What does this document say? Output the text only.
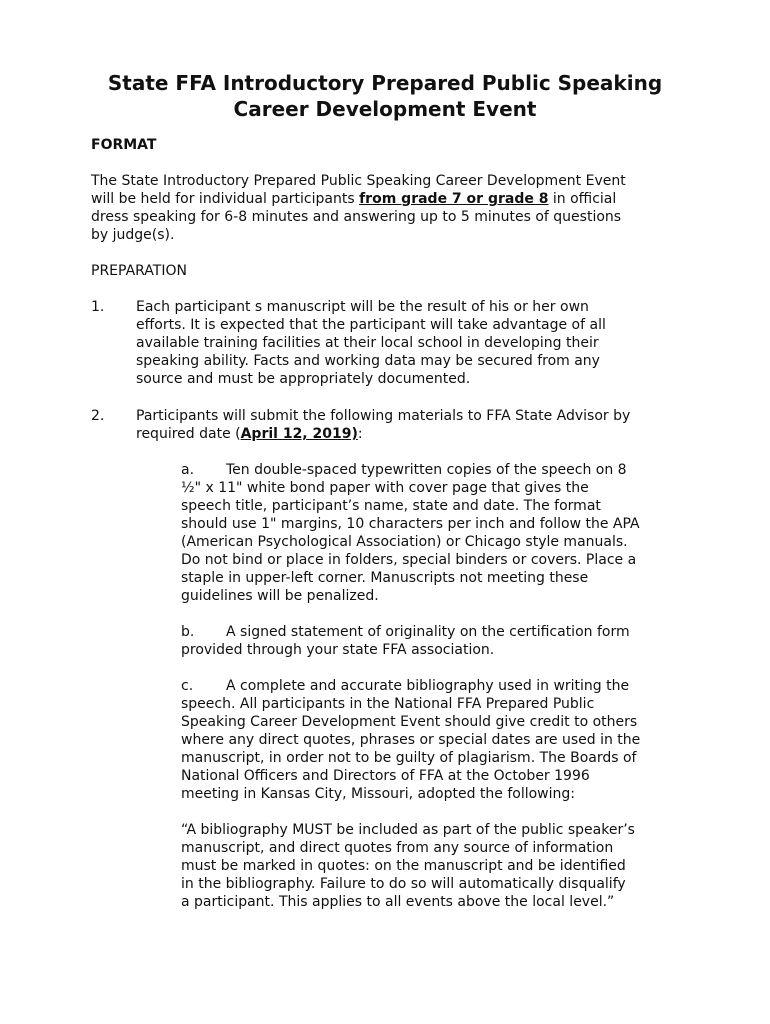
State FFA Introductory Prepared Public Speaking
Career Development Event
FORMAT
The State Introductory Prepared Public Speaking Career Development Event
will be held for individual participants from grade 7 or grade 8 in official
dress speaking for 6-8 minutes and answering up to 5 minutes of questions
by judge(s).
PREPARATION
1. Each participant s manuscript will be the result of his or her own
efforts. It is expected that the participant will take advantage of all
available training facilities at their local school in developing their
speaking ability. Facts and working data may be secured from any
source and must be appropriately documented.
2. Participants will submit the following materials to FFA State Advisor by
required date (April 12, 2019):
a. Ten double-spaced typewritten copies of the speech on 8
½" x 11" white bond paper with cover page that gives the
speech title, participant’s name, state and date. The format
should use 1" margins, 10 characters per inch and follow the APA
(American Psychological Association) or Chicago style manuals.
Do not bind or place in folders, special binders or covers. Place a
staple in upper-left corner. Manuscripts not meeting these
guidelines will be penalized.
b. A signed statement of originality on the certification form
provided through your state FFA association.
c. A complete and accurate bibliography used in writing the
speech. All participants in the National FFA Prepared Public
Speaking Career Development Event should give credit to others
where any direct quotes, phrases or special dates are used in the
manuscript, in order not to be guilty of plagiarism. The Boards of
National Officers and Directors of FFA at the October 1996
meeting in Kansas City, Missouri, adopted the following:
“A bibliography MUST be included as part of the public speaker’s
manuscript, and direct quotes from any source of information
must be marked in quotes: on the manuscript and be identified
in the bibliography. Failure to do so will automatically disqualify
a participant. This applies to all events above the local level.”
